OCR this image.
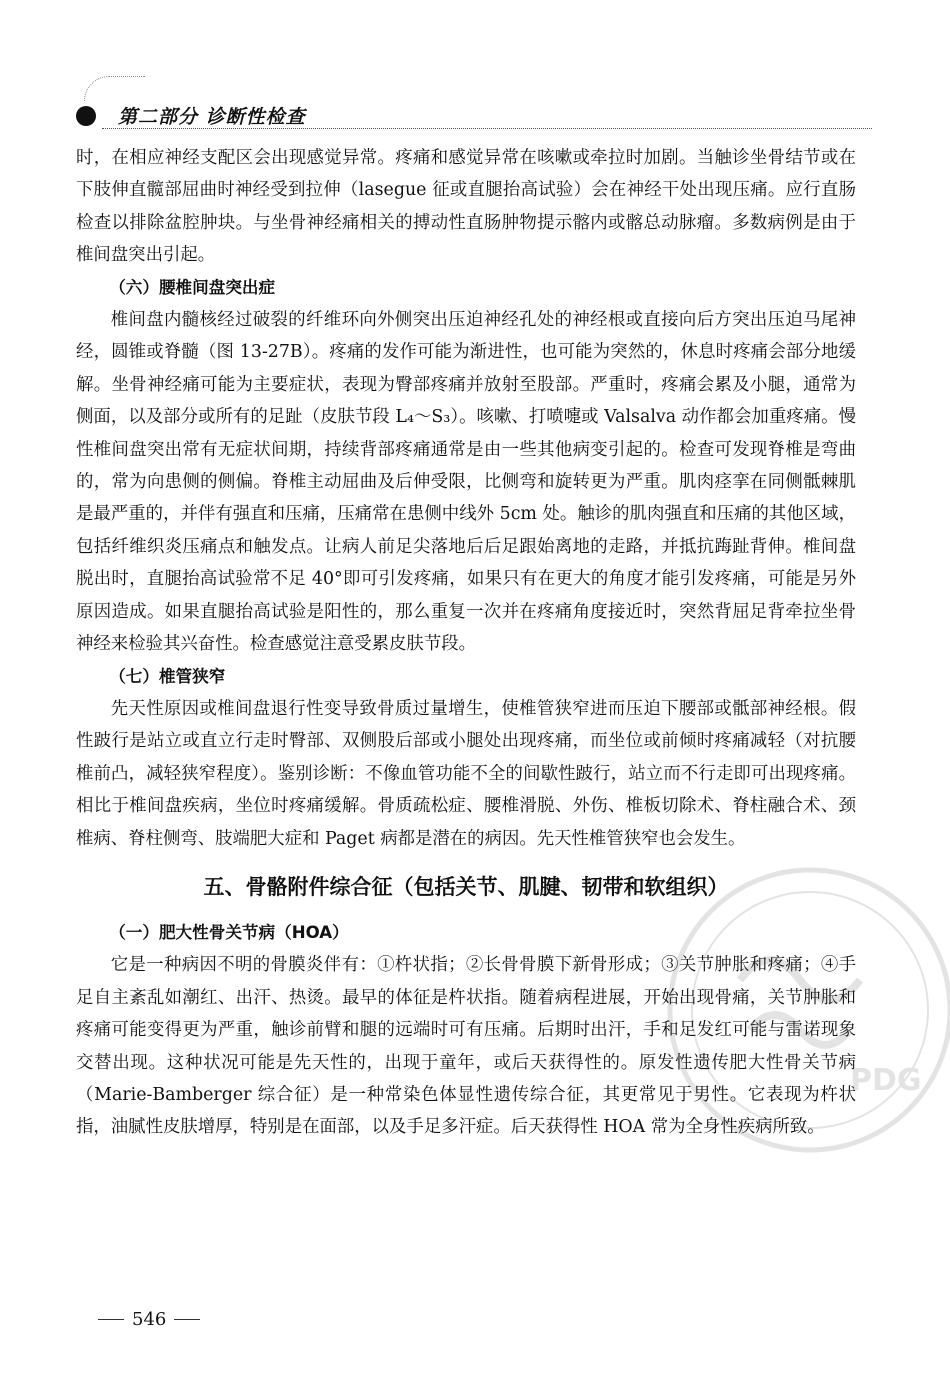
第二部分 诊断性检查

时，在相应神经支配区会出现感觉异常。疼痛和感觉异常在咳嗽或牵拉时加剧。当触诊坐骨结节或在下肢伸直髋部屈曲时神经受到拉伸（lasegue 征或直腿抬高试验）会在神经干处出现压痛。应行直肠检查以排除盆腔肿块。与坐骨神经痛相关的搏动性直肠肿物提示髂内或髂总动脉瘤。多数病例是由于椎间盘突出引起。

（六）腰椎间盘突出症

椎间盘内髓核经过破裂的纤维环向外侧突出压迫神经孔处的神经根或直接向后方突出压迫马尾神经，圆锥或脊髓（图 13-27B）。疼痛的发作可能为渐进性，也可能为突然的，休息时疼痛会部分地缓解。坐骨神经痛可能为主要症状，表现为臀部疼痛并放射至股部。严重时，疼痛会累及小腿，通常为侧面，以及部分或所有的足趾（皮肤节段 L₄～S₃）。咳嗽、打喷嚏或 Valsalva 动作都会加重疼痛。慢性椎间盘突出常有无症状间期，持续背部疼痛通常是由一些其他病变引起的。检查可发现脊椎是弯曲的，常为向患侧的侧偏。脊椎主动屈曲及后伸受限，比侧弯和旋转更为严重。肌肉痉挛在同侧骶棘肌是最严重的，并伴有强直和压痛，压痛常在患侧中线外 5cm 处。触诊的肌肉强直和压痛的其他区域，包括纤维织炎压痛点和触发点。让病人前足尖落地后后足跟始离地的走路，并抵抗踇趾背伸。椎间盘脱出时，直腿抬高试验常不足 40°即可引发疼痛，如果只有在更大的角度才能引发疼痛，可能是另外原因造成。如果直腿抬高试验是阳性的，那么重复一次并在疼痛角度接近时，突然背屈足背牵拉坐骨神经来检验其兴奋性。检查感觉注意受累皮肤节段。

（七）椎管狭窄

先天性原因或椎间盘退行性变导致骨质过量增生，使椎管狭窄进而压迫下腰部或骶部神经根。假性跛行是站立或直立行走时臀部、双侧股后部或小腿处出现疼痛，而坐位或前倾时疼痛减轻（对抗腰椎前凸，减轻狭窄程度）。鉴别诊断：不像血管功能不全的间歇性跛行，站立而不行走即可出现疼痛。相比于椎间盘疾病，坐位时疼痛缓解。骨质疏松症、腰椎滑脱、外伤、椎板切除术、脊柱融合术、颈椎病、脊柱侧弯、肢端肥大症和 Paget 病都是潜在的病因。先天性椎管狭窄也会发生。

五、骨骼附件综合征（包括关节、肌腱、韧带和软组织）

（一）肥大性骨关节病（HOA）

它是一种病因不明的骨膜炎伴有：①杵状指；②长骨骨膜下新骨形成；③关节肿胀和疼痛；④手足自主紊乱如潮红、出汗、热烫。最早的体征是杵状指。随着病程进展，开始出现骨痛，关节肿胀和疼痛可能变得更为严重，触诊前臂和腿的远端时可有压痛。后期时出汗，手和足发红可能与雷诺现象交替出现。这种状况可能是先天性的，出现于童年，或后天获得性的。原发性遗传肥大性骨关节病（Marie-Bamberger 综合征）是一种常染色体显性遗传综合征，其更常见于男性。它表现为杵状指，油腻性皮肤增厚，特别是在面部，以及手足多汗症。后天获得性 HOA 常为全身性疾病所致。

546
PDG
